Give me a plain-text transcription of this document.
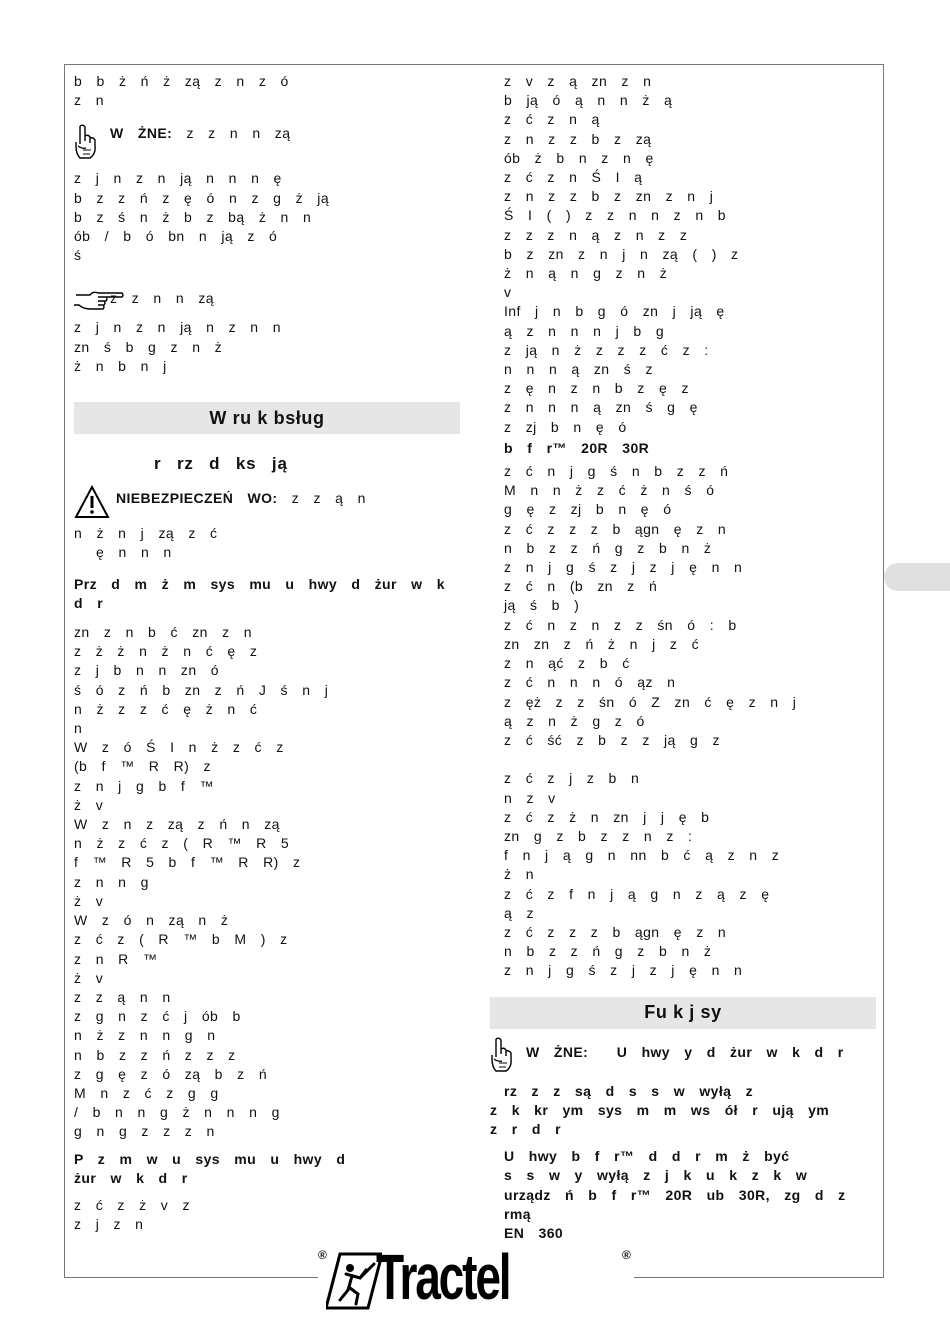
b b ż ń ż zą z n z ó

z n

W ŻNE: z z n n zą

z j n z n ją n n n ę

b z z ń z ę ó n z g ż ją

b z ś n ż b z bą ż n n

ób / b ó bn n ją z ó

ś

z z n n zą

z j n z n ją n z n n

zn ś b g z n ż

ż n b n j

W ru k bsług

r rz d ks ją

NIEBEZPIECZEŃ WO: z z ą n

n ż n j zą z ć

ę n n n

Prz d m ż m sys mu u hwy d żur w k

d r

zn z n b ć zn z n

z ż ż n ż n ć ę z

z j b n n zn ó

ś ó z ń b zn z ń J ś n j

n ż z z ć ę ż n ć

n

W z ó Ś I n ż z ć z

(b f ™ R R) z

z n j g b f ™

ż v

W z n z zą z ń n zą

n ż z ć z ( R ™ R 5

f ™ R 5 b f ™ R R) z

z n n g

ż v

W z ó n zą n ż

z ć z ( R ™ b M ) z

z n R ™

ż v

z z ą n n

z g n z ć j ób b

n ż z n n g n

n b z z ń z z z

z g ę z ó zą b z ń

M n z ć z g g

/ b n n g ż n n n g

g n g z z z n

P z m w u sys mu u hwy d

żur w k d r

z ć z ż v z

z j z n

z v z ą zn z n

b ją ó ą n n ż ą

z ć z n ą

z n z z b z zą

ób ż b n z n ę

z ć z n Ś I ą

z n z z b z zn z n j

Ś I ( ) z z n n z n b

z z z n ą z n z z

b z zn z n j n zą ( ) z

ż n ą n g z n ż

v

Inf j n b g ó zn j ją ę

ą z n n n j b g

z ją n ż z z z ć z :

n n n ą zn ś z

z ę n z n b z ę z

z n n n ą zn ś g ę

z zj b n ę ó

b f r™ 20R 30R

z ć n j g ś n b z z ń

M n n ż z ć ż n ś ó

g ę z zj b n ę ó

z ć z z z b ągn ę z n

n b z z ń g z b n ż

z n j g ś z j z j ę n n

z ć n (b zn z ń

ją ś b )

z ć n z n z z śn ó : b

zn zn z ń ż n j z ć

z n ąć z b ć

z ć n n n ó ąz n

z ęż z z śn ó Z zn ć ę z n j

ą z n ż g z ó

z ć ść z b z z ją g z

z ć z j z b n

n z v

z ć z ż n zn j j ę b

zn g z b z z n z :

f n j ą g n nn b ć ą z n z

ż n

z ć z f n j ą g n z ą z ę

ą z

z ć z z z b ągn ę z n

n b z z ń g z b n ż

z n j g ś z j z j ę n n

Fu k j sy

W ŻNE: U hwy y d żur w k d r

rz z z są d s s w wyłą z

z k kr ym sys m m ws ół r ują ym

z r d r

U hwy b f r™ d d r m ż być

s s w y wyłą z j k u k z k w

urządz ń b f r™ 20R ub 30R, zg d z rmą

EN 360

® Tractel	®
